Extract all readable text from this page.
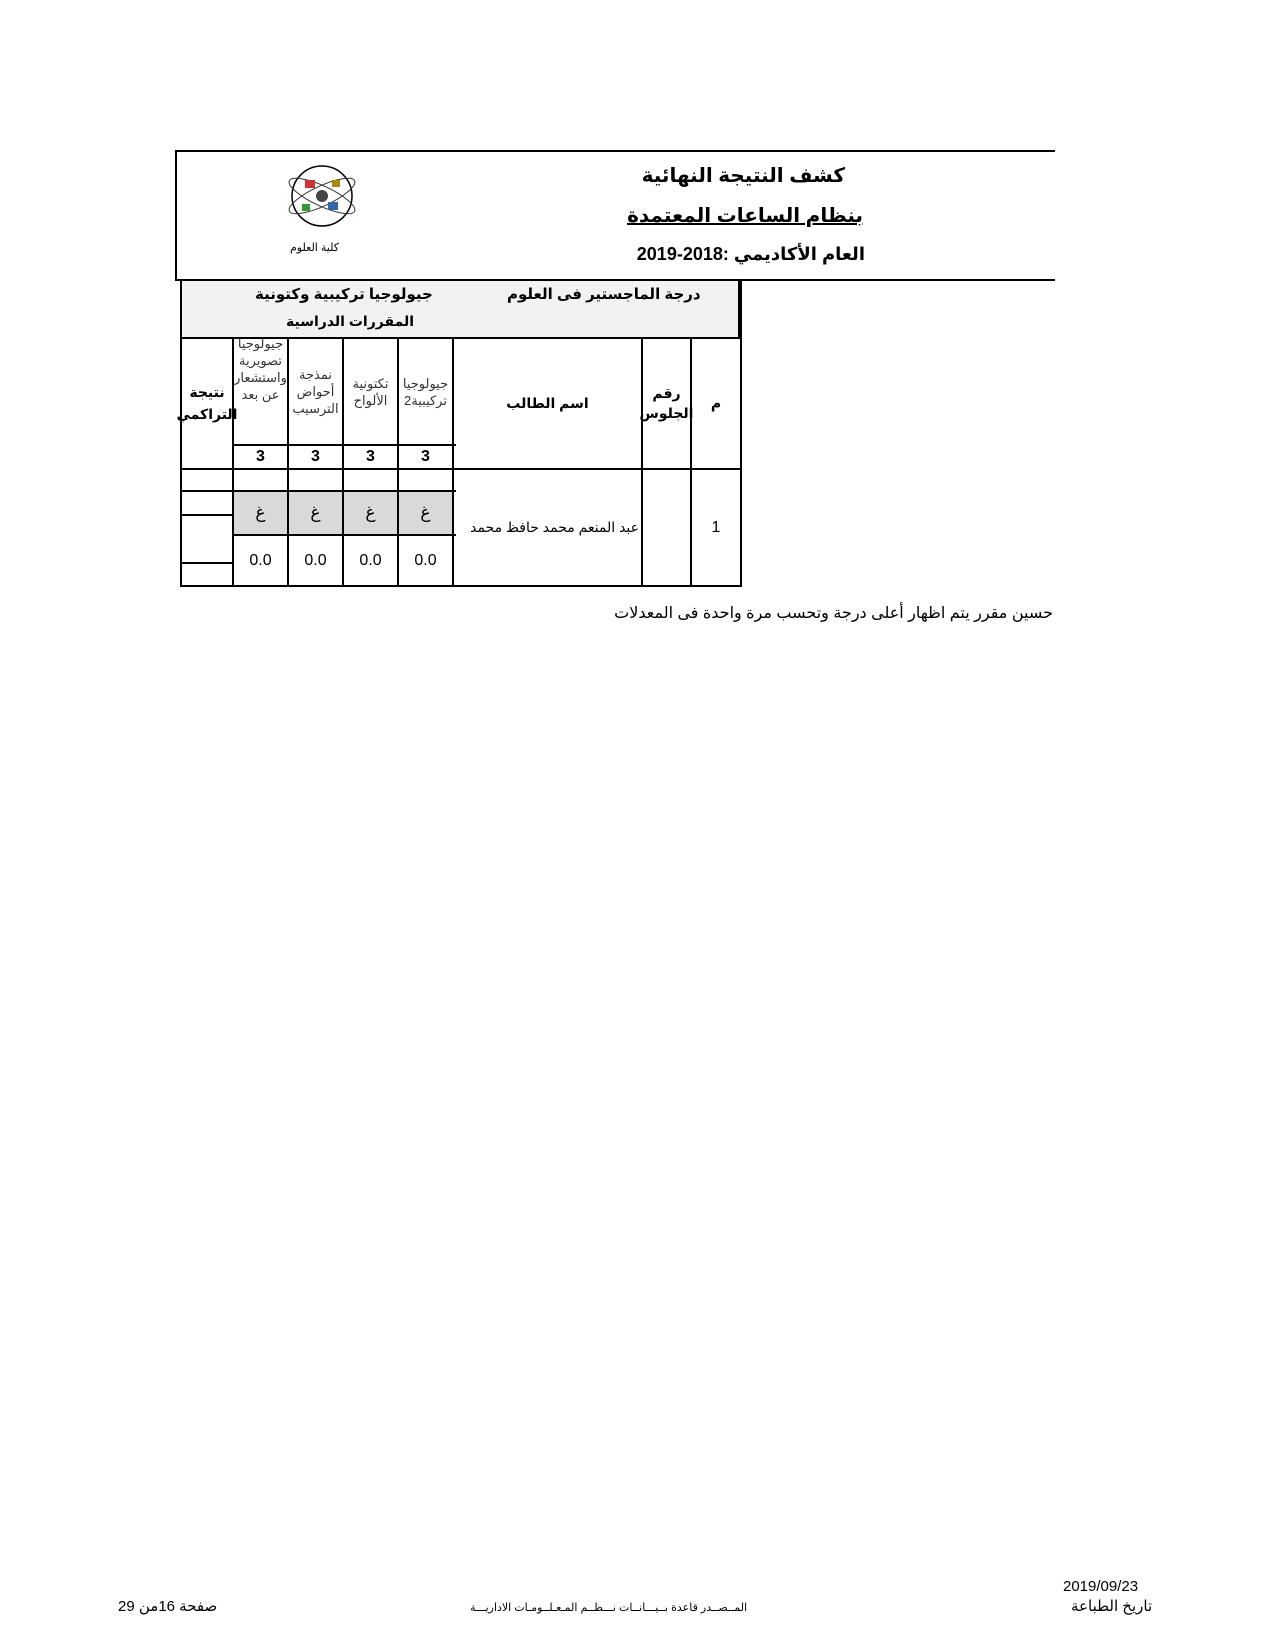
كشف النتيجة النهائية
بنظام الساعات المعتمدة
العام الأكاديمي :2018-2019
كلية العلوم
جيولوجيا تركيبية وكتونية	درجة الماجستير فى العلوم
المقررات الدراسية
نتيجة التراكمي
جيولوجيا تركيبية2
تكتونية الألواح
نمذجة أحواض الترسيب
جيولوجيا تصويرية واستشعار عن بعد	اسم الطالب
رقم الجلوس
م
3
3
3
3
1
عبد المنعم محمد حافظ محمد
غ
غ
غ
غ
0.0
0.0
0.0
0.0
حسين مقرر يتم اظهار أعلى درجة وتحسب مرة واحدة فى المعدلات
2019/09/23
تاريخ الطباعة
المــصــدر قاعدة بــيـــانــات نـــظــم المـعـلــومـات الاداريـــة
صفحة 16من 29
